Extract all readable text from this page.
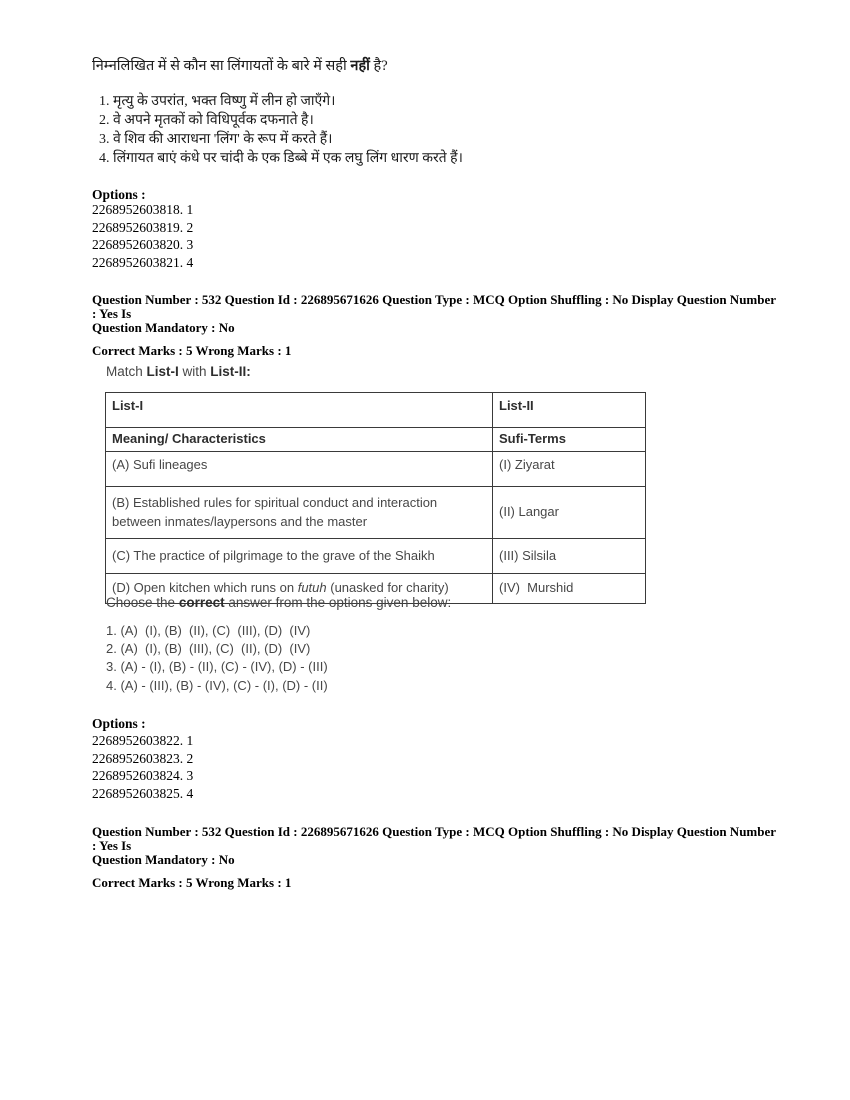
निम्नलिखित में से कौन सा लिंगायतों के बारे में सही नहीं है?
1. मृत्यु के उपरांत, भक्त विष्णु में लीन हो जाएँगे।
2. वे अपने मृतकों को विधिपूर्वक दफनाते है।
3. वे शिव की आराधना 'लिंग' के रूप में करते हैं।
4. लिंगायत बाएं कंधे पर चांदी के एक डिब्बे में एक लघु लिंग धारण करते हैं।
Options :
2268952603818. 1
2268952603819. 2
2268952603820. 3
2268952603821. 4
Question Number : 532 Question Id : 226895671626 Question Type : MCQ Option Shuffling : No Display Question Number : Yes Is
Question Mandatory : No
Correct Marks : 5 Wrong Marks : 1
Match List-I with List-II:
List-I	List-II
Meaning/ Characteristics	Sufi-Terms
(A) Sufi lineages	(I) Ziyarat
(B) Established rules for spiritual conduct and interaction between inmates/laypersons and the master	(II) Langar
(C) The practice of pilgrimage to the grave of the Shaikh	(III) Silsila
(D) Open kitchen which runs on futuh (unasked for charity)	(IV)  Murshid
Choose the correct answer from the options given below:
1. (A)  (I), (B)  (II), (C)  (III), (D)  (IV)
2. (A)  (I), (B)  (III), (C)  (II), (D)  (IV)
3. (A) - (I), (B) - (II), (C) - (IV), (D) - (III)
4. (A) - (III), (B) - (IV), (C) - (I), (D) - (II)
Options :
2268952603822. 1
2268952603823. 2
2268952603824. 3
2268952603825. 4
Question Number : 532 Question Id : 226895671626 Question Type : MCQ Option Shuffling : No Display Question Number : Yes Is
Question Mandatory : No
Correct Marks : 5 Wrong Marks : 1
